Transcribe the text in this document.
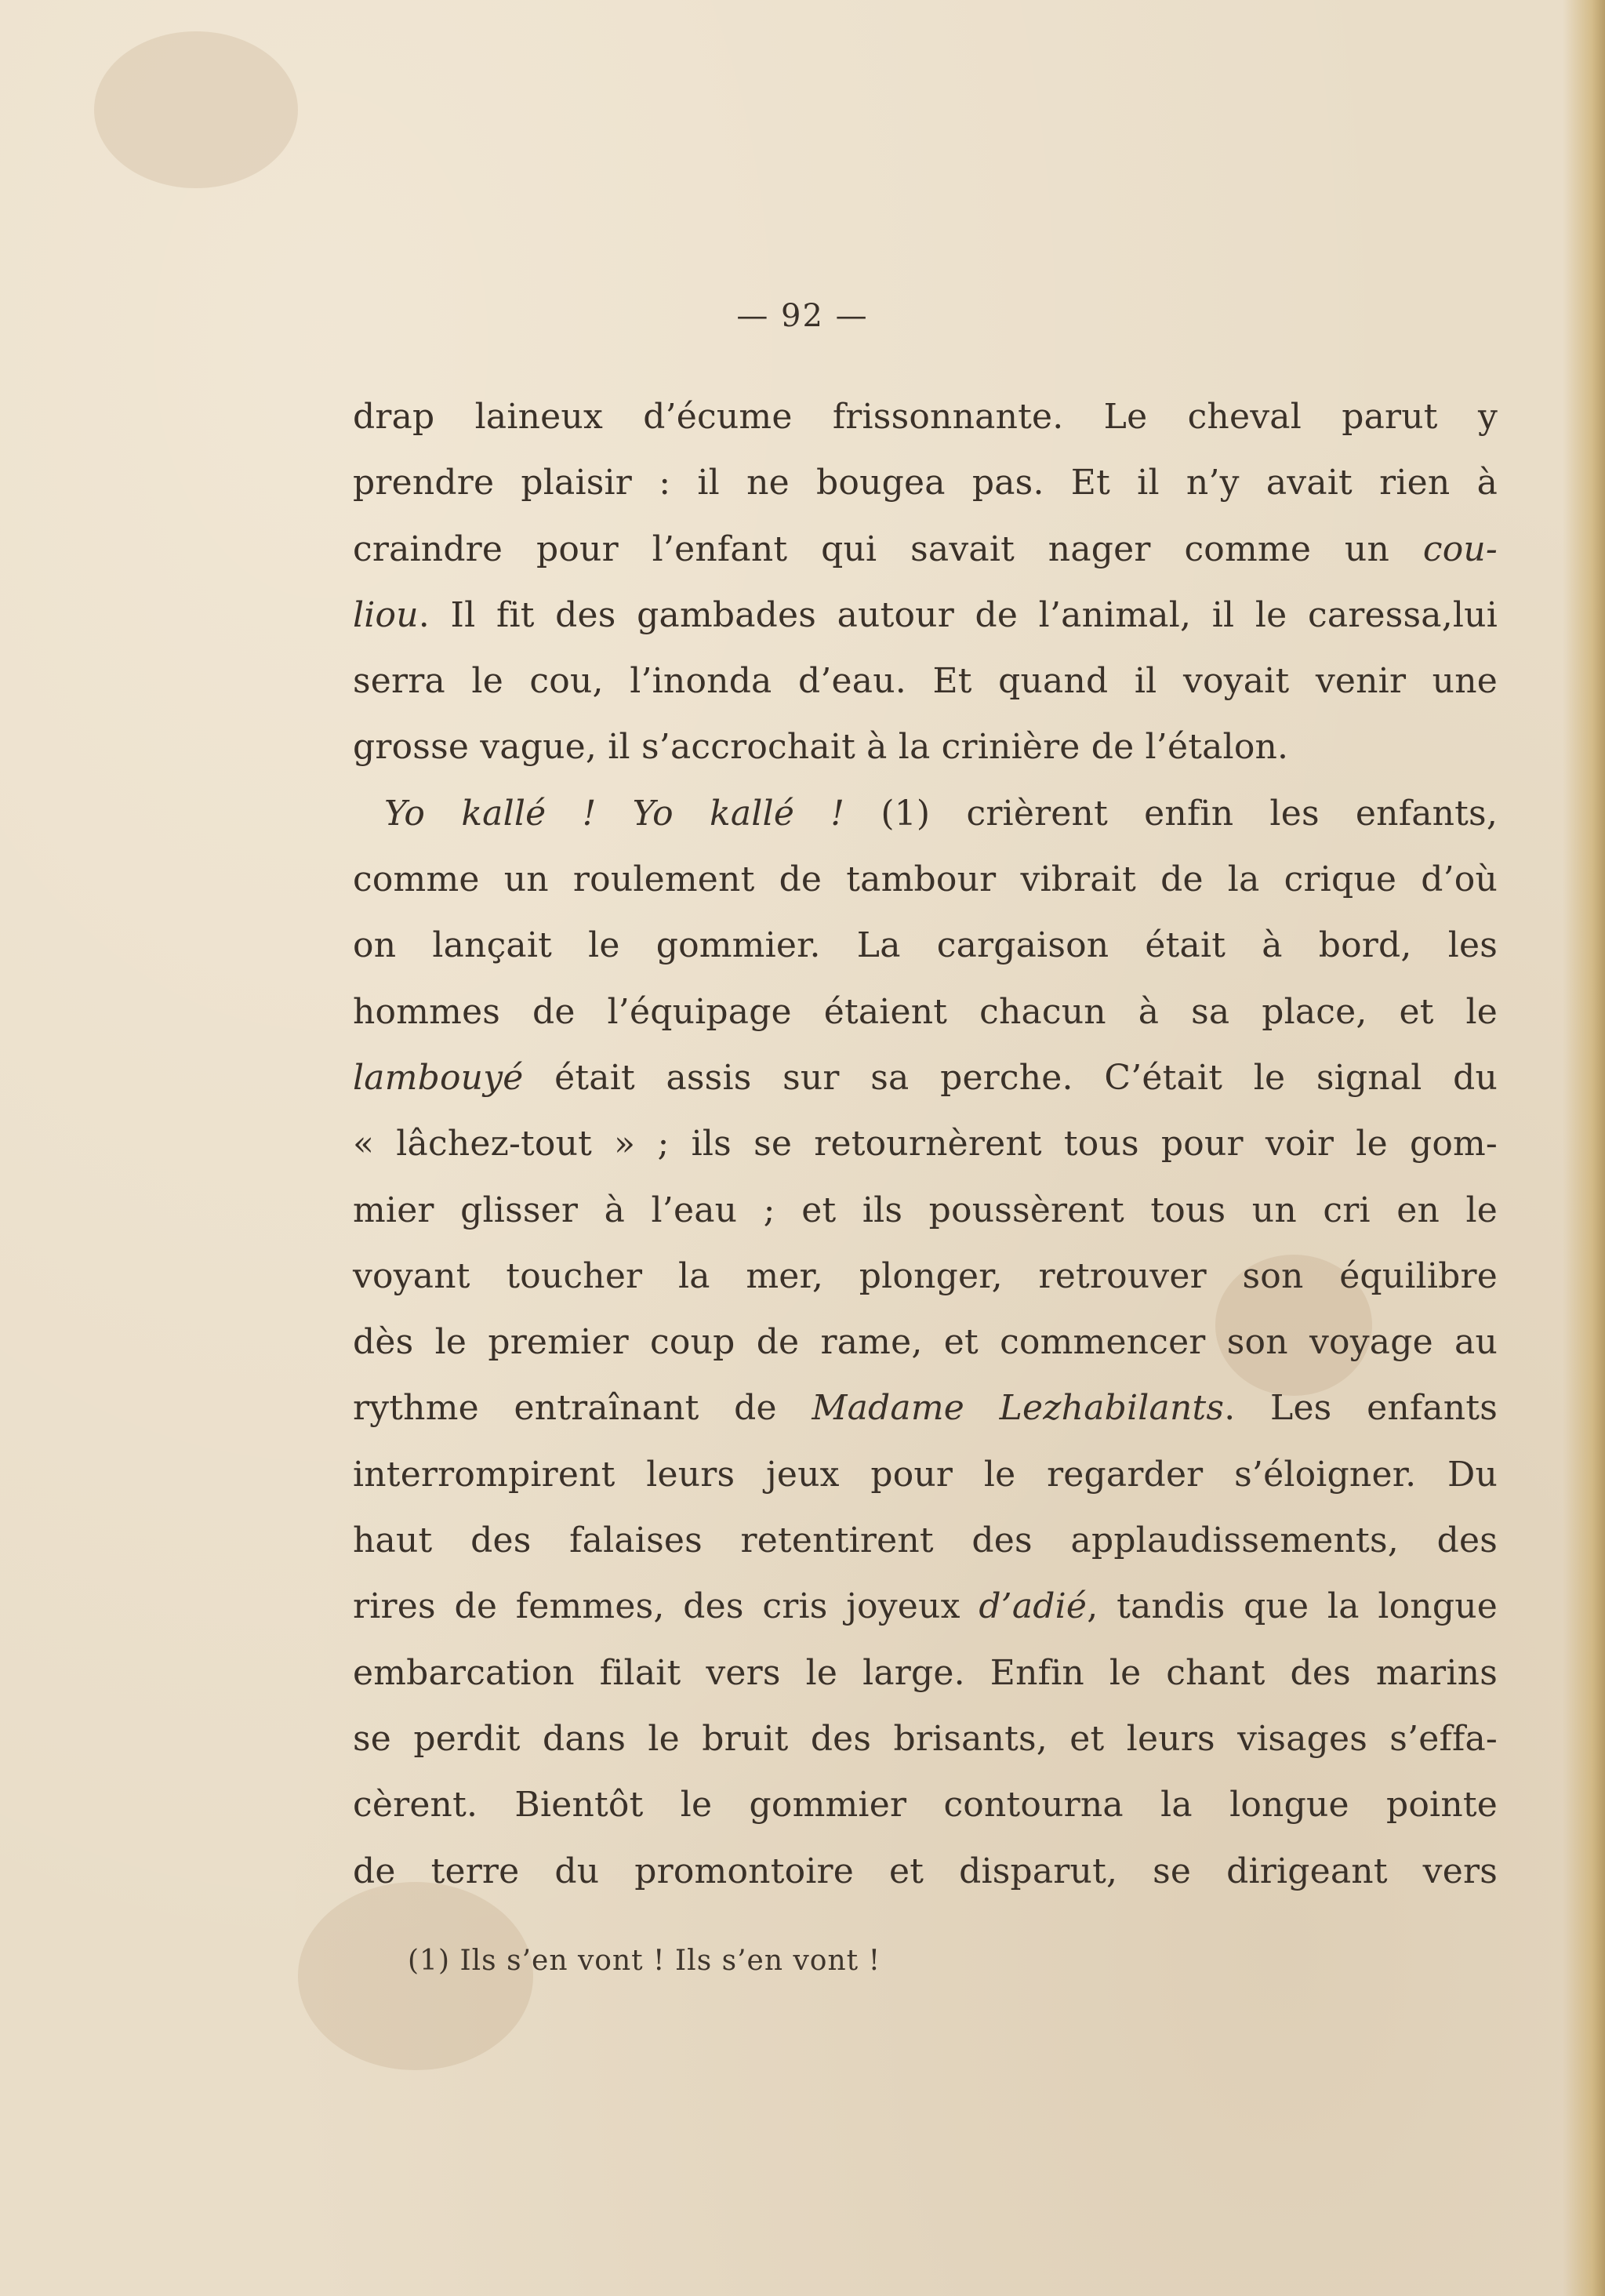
— 92 —
drap laineux d’écume frissonnante. Le cheval parut y
prendre plaisir : il ne bougea pas. Et il n’y avait rien à
craindre pour l’enfant qui savait nager comme un cou-
liou. Il fit des gambades autour de l’animal, il le caressa,lui
serra le cou, l’inonda d’eau. Et quand il voyait venir une
grosse vague, il s’accrochait à la crinière de l’étalon.
Yo kallé ! Yo kallé ! (1) crièrent enfin les enfants,
comme un roulement de tambour vibrait de la crique d’où
on lançait le gommier. La cargaison était à bord, les
hommes de l’équipage étaient chacun à sa place, et le
lambouyé était assis sur sa perche. C’était le signal du
« lâchez-tout » ; ils se retournèrent tous pour voir le gom-
mier glisser à l’eau ; et ils poussèrent tous un cri en le
voyant toucher la mer, plonger, retrouver son équilibre
dès le premier coup de rame, et commencer son voyage au
rythme entraînant de Madame Lezhabilants. Les enfants
interrompirent leurs jeux pour le regarder s’éloigner. Du
haut des falaises retentirent des applaudissements, des
rires de femmes, des cris joyeux d’adié, tandis que la longue
embarcation filait vers le large. Enfin le chant des marins
se perdit dans le bruit des brisants, et leurs visages s’effa-
cèrent. Bientôt le gommier contourna la longue pointe
de terre du promontoire et disparut, se dirigeant vers
(1) Ils s’en vont ! Ils s’en vont !
